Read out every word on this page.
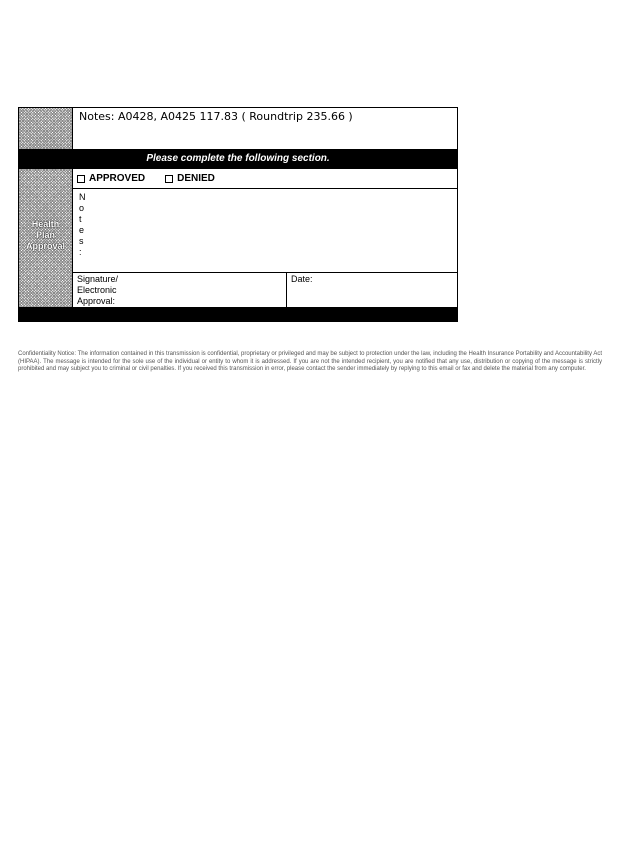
Notes: A0428, A0425 117.83 ( Roundtrip 235.66 )
Please complete the following section.
Health
Plan
Approval
APPROVED	DENIED
N
o
t
e
s
:
Signature/
Electronic
Approval:
Date:
Confidentiality Notice: The information contained in this transmission is confidential, proprietary or privileged and may be subject to protection under the law, including the Health Insurance Portability and Accountability Act (HIPAA). The message is intended for the sole use of the individual or entity to whom it is addressed. If you are not the intended recipient, you are notified that any use, distribution or copying of the message is strictly prohibited and may subject you to criminal or civil penalties. If you received this transmission in error, please contact the sender immediately by replying to this email or fax and delete the material from any computer.
